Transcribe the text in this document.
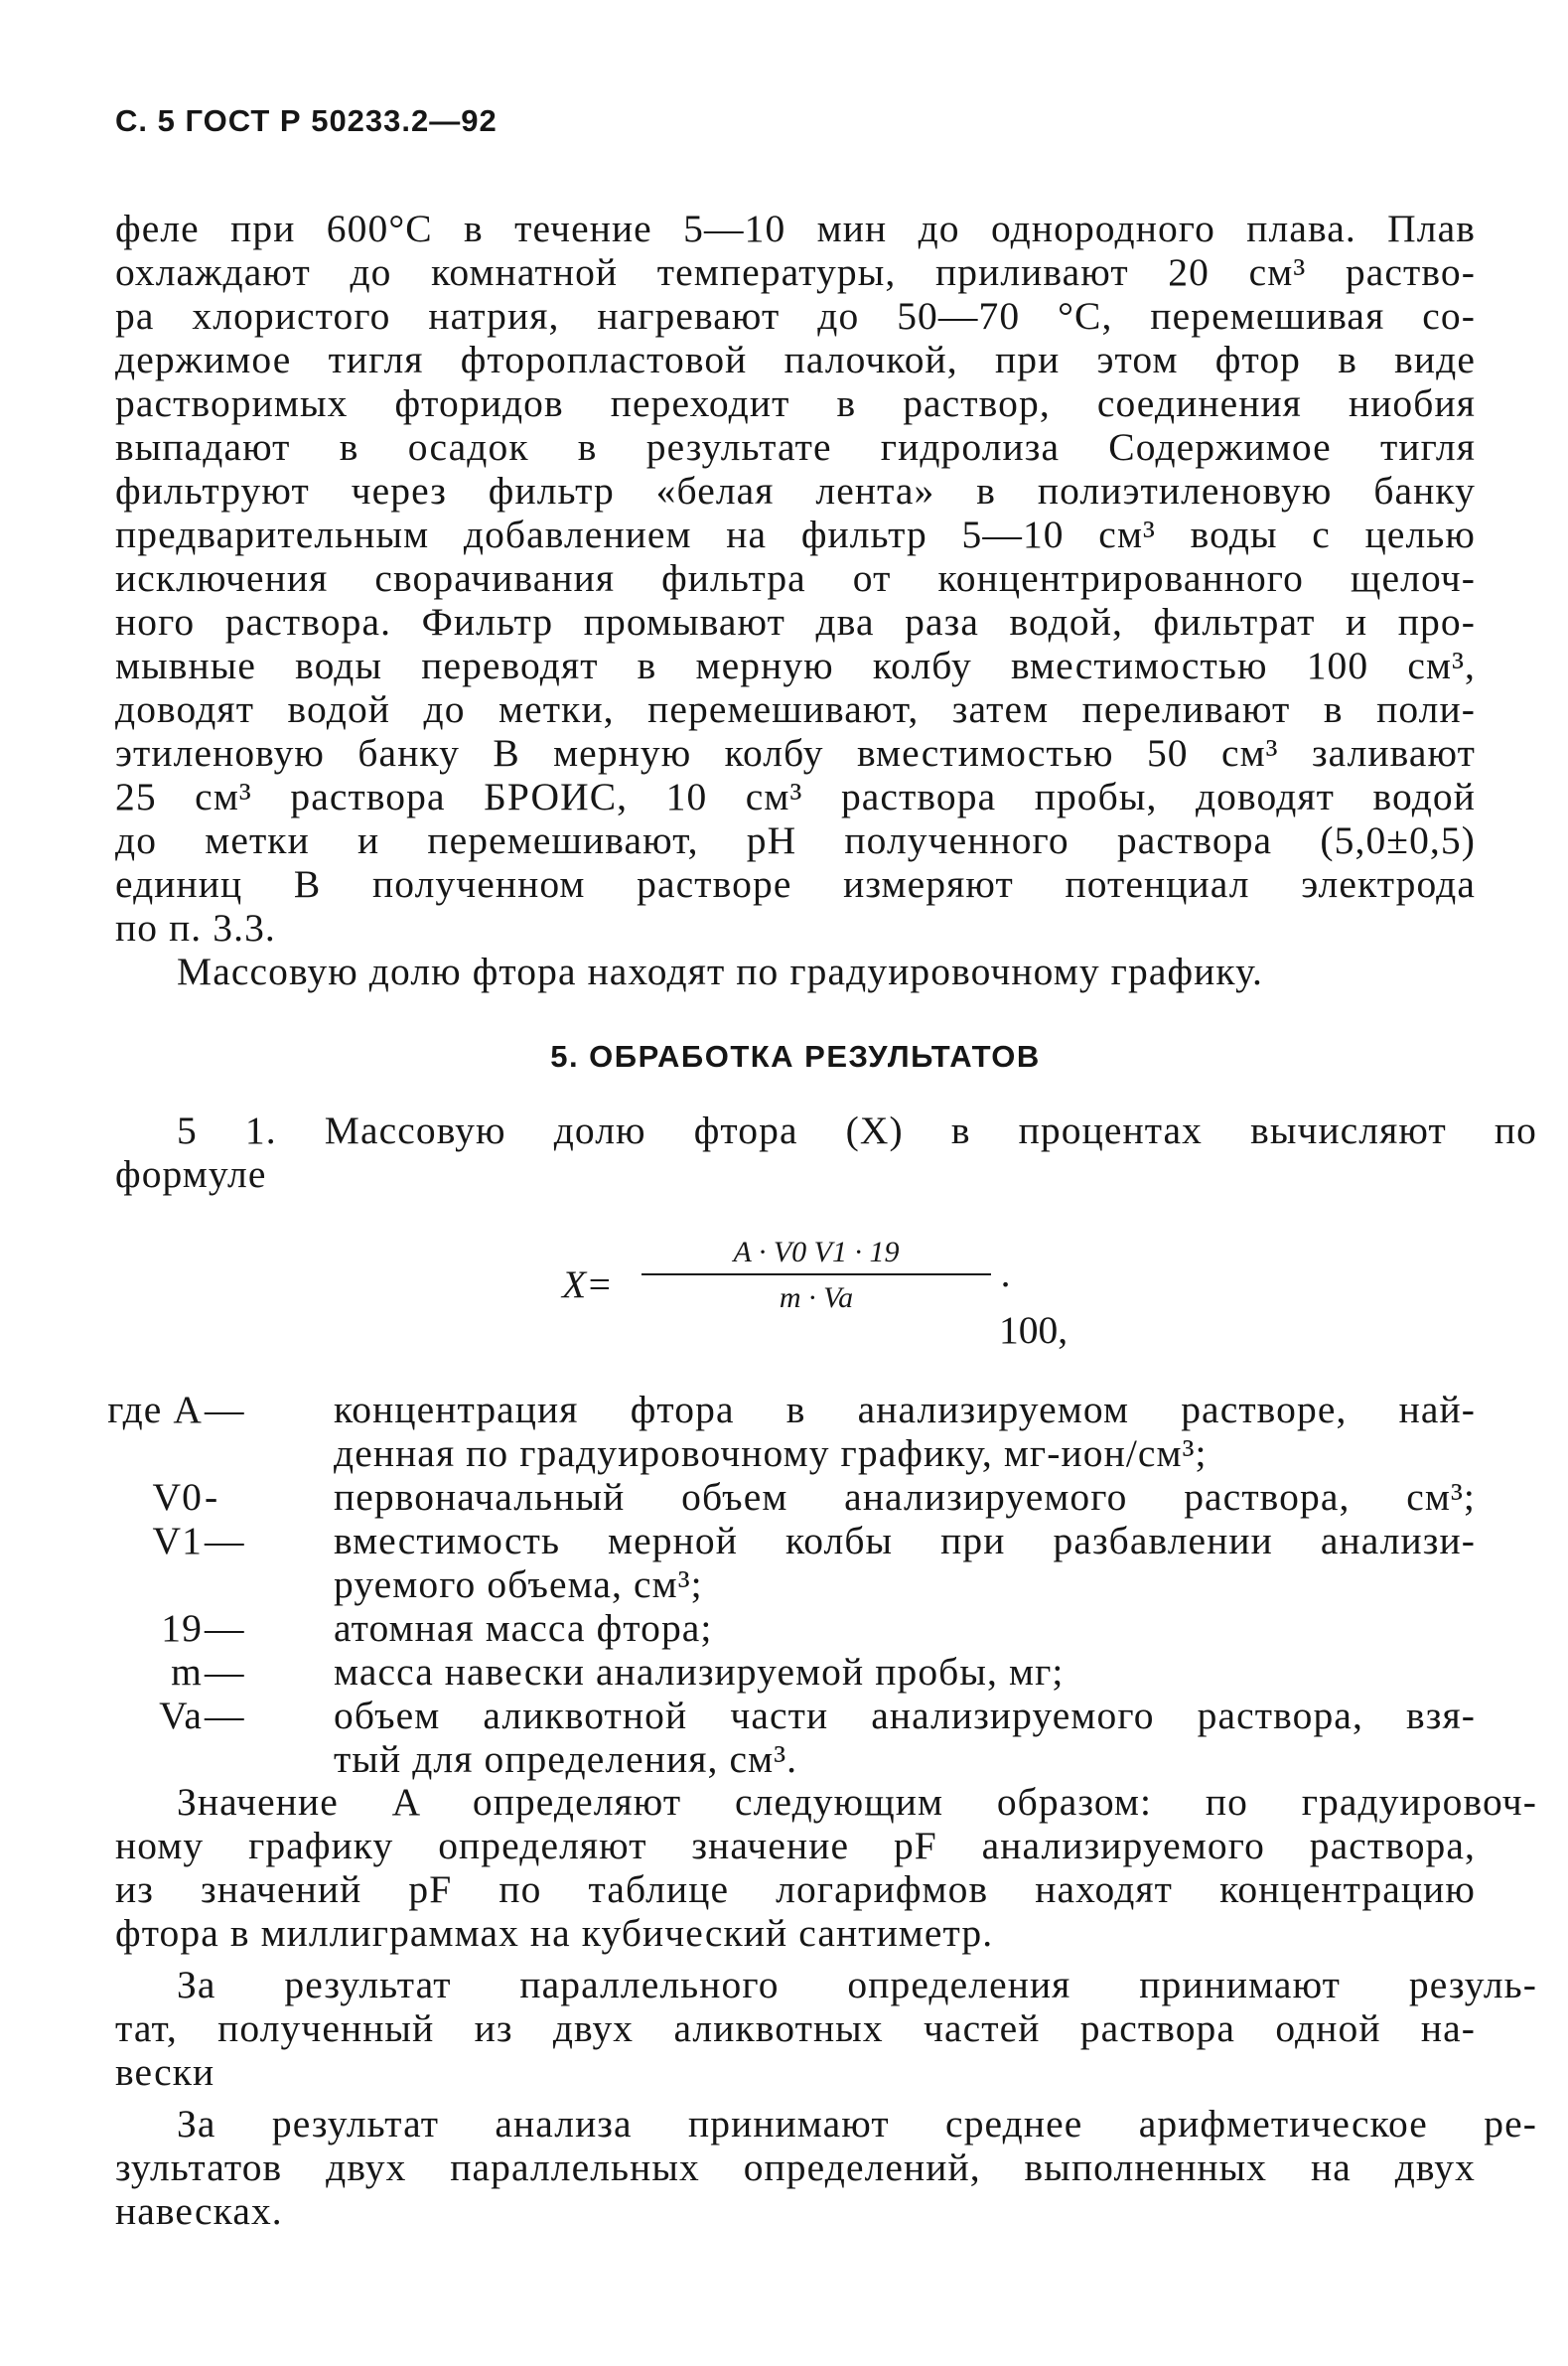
С. 5 ГОСТ Р 50233.2—92
феле при 600°С в течение 5—10 мин до однородного плава. Плав
охлаждают до комнатной температуры, приливают 20 см³ раство-
ра хлористого натрия, нагревают до 50—70 °С, перемешивая со-
держимое тигля фторопластовой палочкой, при этом фтор в виде
растворимых фторидов переходит в раствор, соединения ниобия
выпадают в осадок в результате гидролиза Содержимое тигля
фильтруют через фильтр «белая лента» в полиэтиленовую банку
предварительным добавлением на фильтр 5—10 см³ воды с целью
исключения сворачивания фильтра от концентрированного щелоч-
ного раствора. Фильтр промывают два раза водой, фильтрат и про-
мывные воды переводят в мерную колбу вместимостью 100 см³,
доводят водой до метки, перемешивают, затем переливают в поли-
этиленовую банку В мерную колбу вместимостью 50 см³ заливают
25 см³ раствора БРОИС, 10 см³ раствора пробы, доводят водой
до метки и перемешивают, рН полученного раствора (5,0±0,5)
единиц В полученном растворе измеряют потенциал электрода
по п. 3.3.
Массовую долю фтора находят по градуировочному графику.
5. ОБРАБОТКА РЕЗУЛЬТАТОВ
5 1. Массовую долю фтора (X) в процентах вычисляют по
формуле
X=
A · V0 V1 · 19
m · Va	· 100,
где A — концентрация фтора в анализируемом растворе, най-
денная по градуировочному графику, мг-ион/см³;
V0 -	первоначальный объем анализируемого раствора, см³;
V1 — вместимость мерной колбы при разбавлении анализи-
руемого объема, см³;
19 — атомная масса фтора;
m — масса навески анализируемой пробы, мг;
Va — объем аликвотной части анализируемого раствора, взя-
тый для определения, см³.
Значение A определяют следующим образом: по градуировоч-
ному графику определяют значение pF анализируемого раствора,
из значений pF по таблице логарифмов находят концентрацию
фтора в миллиграммах на кубический сантиметр.
За результат параллельного определения принимают резуль-
тат, полученный из двух аликвотных частей раствора одной на-
вески
За результат анализа принимают среднее арифметическое ре-
зультатов двух параллельных определений, выполненных на двух
навесках.
